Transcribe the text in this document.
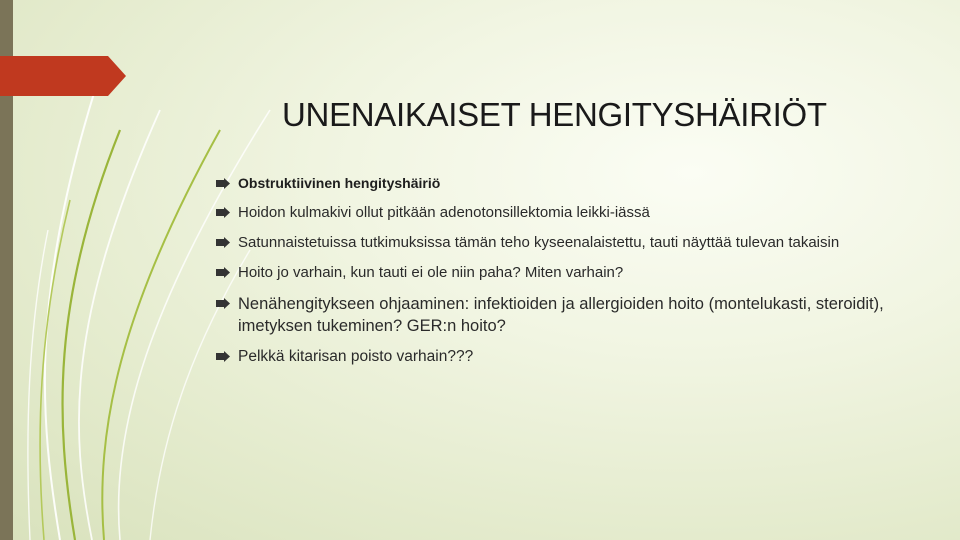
UNENAIKAISET HENGITYSHÄIRIÖT
Obstruktiivinen hengityshäiriö
Hoidon kulmakivi ollut pitkään adenotonsillektomia leikki-iässä
Satunnaistetuissa tutkimuksissa tämän teho kyseenalaistettu, tauti näyttää tulevan takaisin
Hoito jo varhain, kun tauti ei ole niin paha? Miten varhain?
Nenähengitykseen ohjaaminen: infektioiden ja allergioiden hoito (montelukasti, steroidit), imetyksen tukeminen? GER:n hoito?
Pelkkä kitarisan poisto varhain???
